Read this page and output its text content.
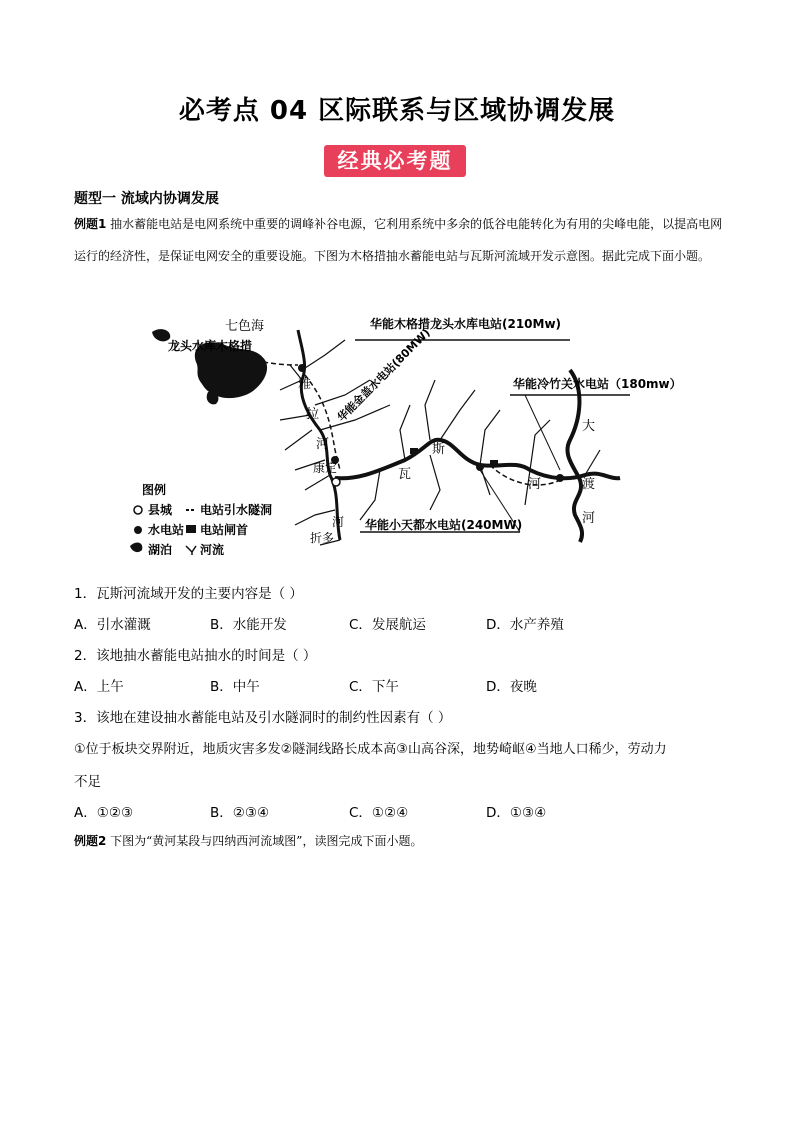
必考点 04 区际联系与区域协调发展
经典必考题
题型一 流域内协调发展
例题1 抽水蓄能电站是电网系统中重要的调峰补谷电源，它利用系统中多余的低谷电能转化为有用的尖峰电能，以提高电网运行的经济性，是保证电网安全的重要设施。下图为木格措抽水蓄能电站与瓦斯河流域开发示意图。据此完成下面小题。
七色海
龙头水库木格措
华能木格措龙头水库电站(210Mw)
华能金盖水电站(80MW)	华能冷竹关水电站（180mw）
华能小天都水电站(240MW)
雅
拉
河
康定	瓦
斯
河
大
渡
河
折多
河
图例
县城 电站引水隧洞
水电站 电站闸首
湖泊 河流
1．瓦斯河流域开发的主要内容是（ ）
A．引水灌溉	B．水能开发	C．发展航运	D．水产养殖
2．该地抽水蓄能电站抽水的时间是（ ）
A．上午	B．中午	C．下午	D．夜晚
3．该地在建设抽水蓄能电站及引水隧洞时的制约性因素有（ ）
①位于板块交界附近，地质灾害多发②隧洞线路长成本高③山高谷深，地势崎岖④当地人口稀少，劳动力
不足
A．①②③	B．②③④	C．①②④	D．①③④
例题2 下图为“黄河某段与四纳西河流域图”，读图完成下面小题。
